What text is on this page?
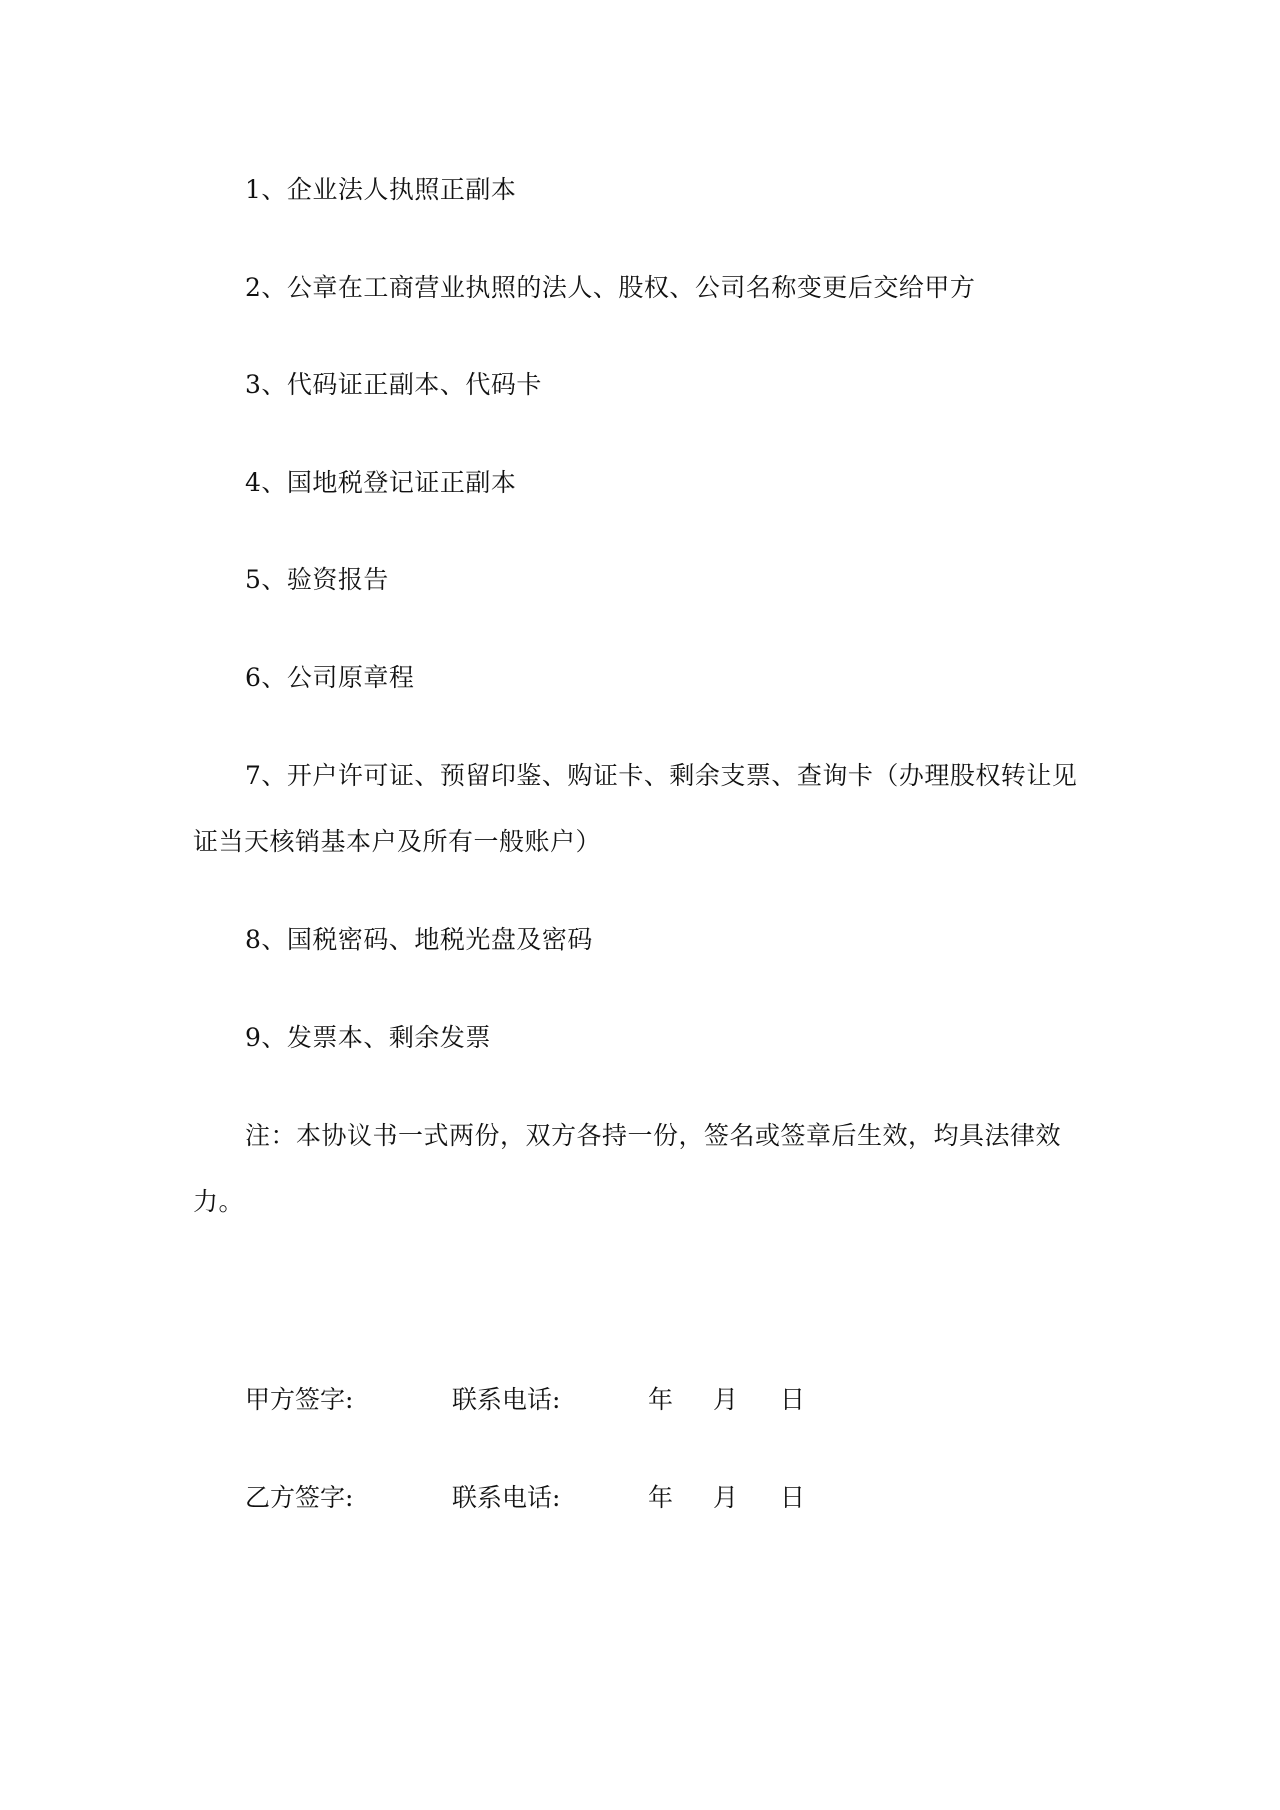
1、企业法人执照正副本

2、公章在工商营业执照的法人、股权、公司名称变更后交给甲方

3、代码证正副本、代码卡

4、国地税登记证正副本

5、验资报告

6、公司原章程

7、开户许可证、预留印鉴、购证卡、剩余支票、查询卡（办理股权转让见证当天核销基本户及所有一般账户）

8、国税密码、地税光盘及密码

9、发票本、剩余发票

注：本协议书一式两份，双方各持一份，签名或签章后生效，均具法律效力。

甲方签字:	联系电话:	年 月 日
乙方签字:	联系电话:	年 月 日
